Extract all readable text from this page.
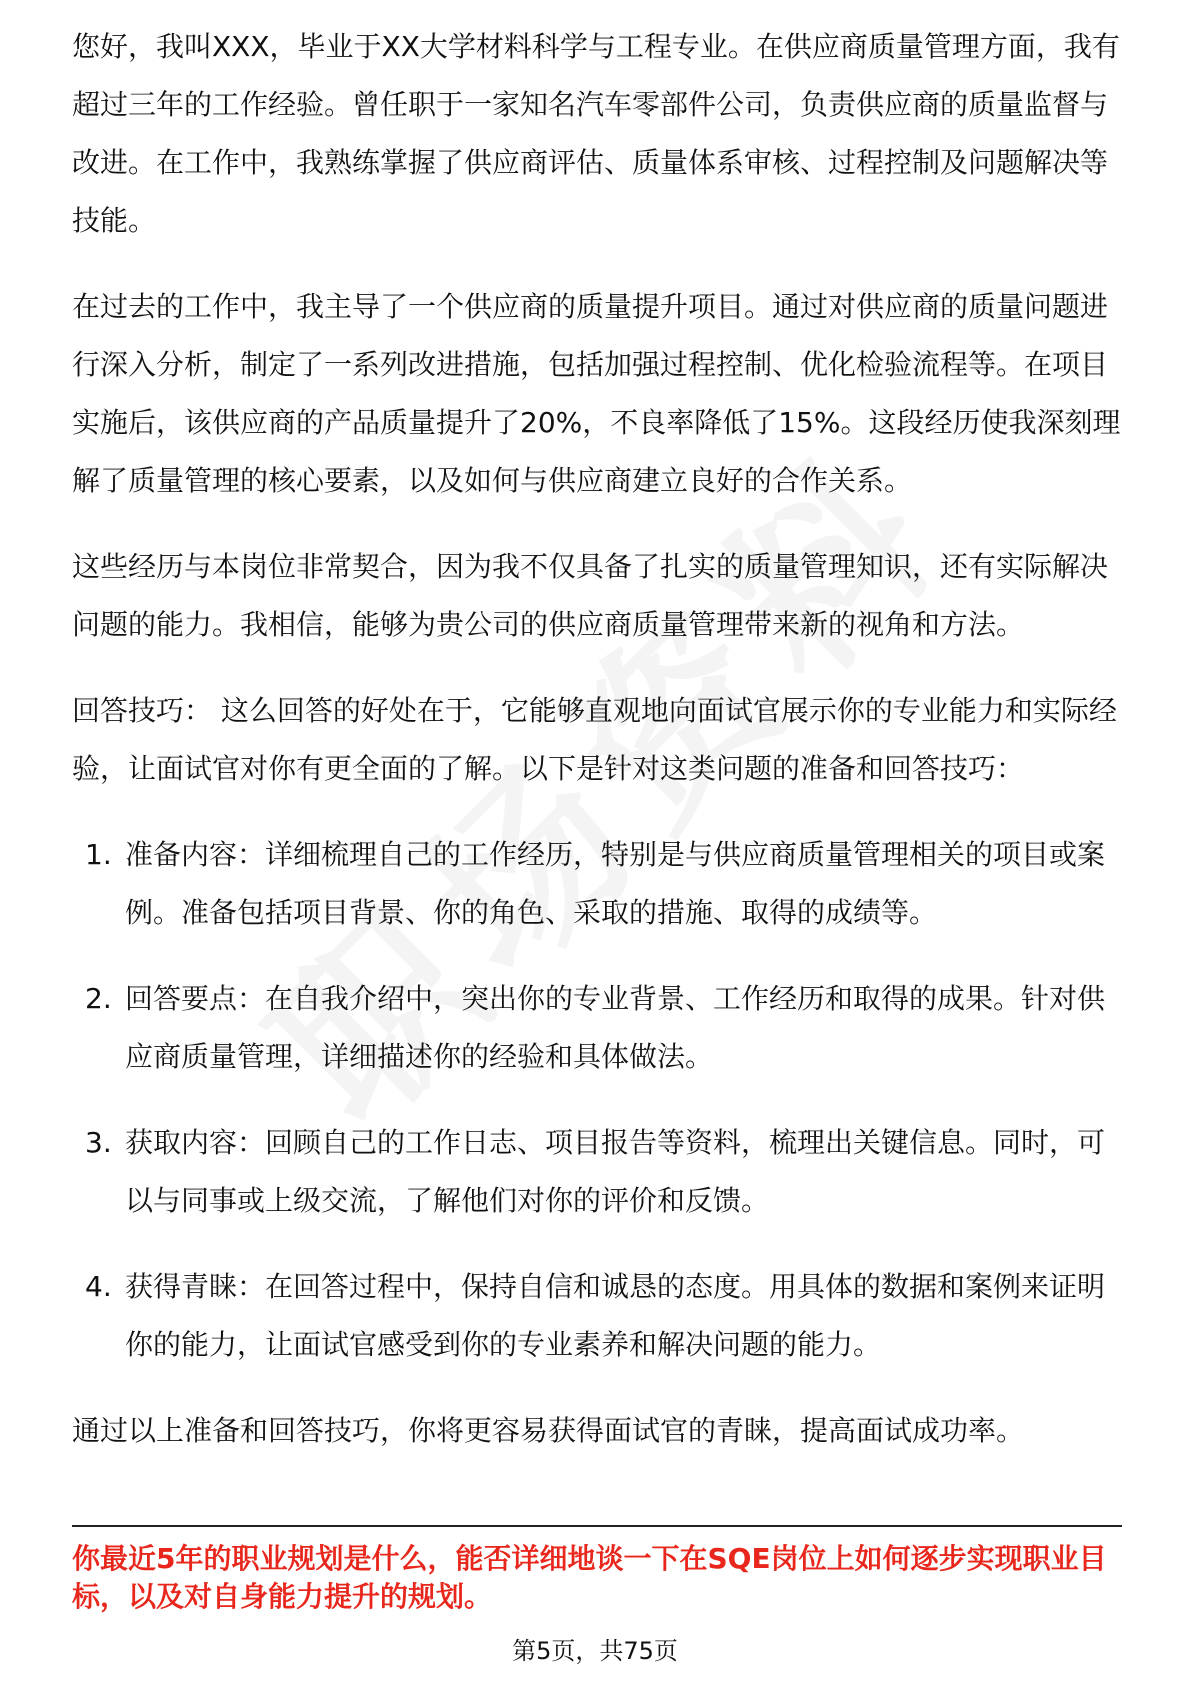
您好，我叫XXX，毕业于XX大学材料科学与工程专业。在供应商质量管理方面，我有超过三年的工作经验。曾任职于一家知名汽车零部件公司，负责供应商的质量监督与改进。在工作中，我熟练掌握了供应商评估、质量体系审核、过程控制及问题解决等技能。

在过去的工作中，我主导了一个供应商的质量提升项目。通过对供应商的质量问题进行深入分析，制定了一系列改进措施，包括加强过程控制、优化检验流程等。在项目实施后，该供应商的产品质量提升了20%，不良率降低了15%。这段经历使我深刻理解了质量管理的核心要素，以及如何与供应商建立良好的合作关系。

这些经历与本岗位非常契合，因为我不仅具备了扎实的质量管理知识，还有实际解决问题的能力。我相信，能够为贵公司的供应商质量管理带来新的视角和方法。

回答技巧： 这么回答的好处在于，它能够直观地向面试官展示你的专业能力和实际经验，让面试官对你有更全面的了解。以下是针对这类问题的准备和回答技巧：

1. 准备内容：详细梳理自己的工作经历，特别是与供应商质量管理相关的项目或案例。准备包括项目背景、你的角色、采取的措施、取得的成绩等。
2. 回答要点：在自我介绍中，突出你的专业背景、工作经历和取得的成果。针对供应商质量管理，详细描述你的经验和具体做法。
3. 获取内容：回顾自己的工作日志、项目报告等资料，梳理出关键信息。同时，可以与同事或上级交流，了解他们对你的评价和反馈。
4. 获得青睐：在回答过程中，保持自信和诚恳的态度。用具体的数据和案例来证明你的能力，让面试官感受到你的专业素养和解决问题的能力。

通过以上准备和回答技巧，你将更容易获得面试官的青睐，提高面试成功率。

你最近5年的职业规划是什么，能否详细地谈一下在SQE岗位上如何逐步实现职业目标，以及对自身能力提升的规划。

第5页，共75页
